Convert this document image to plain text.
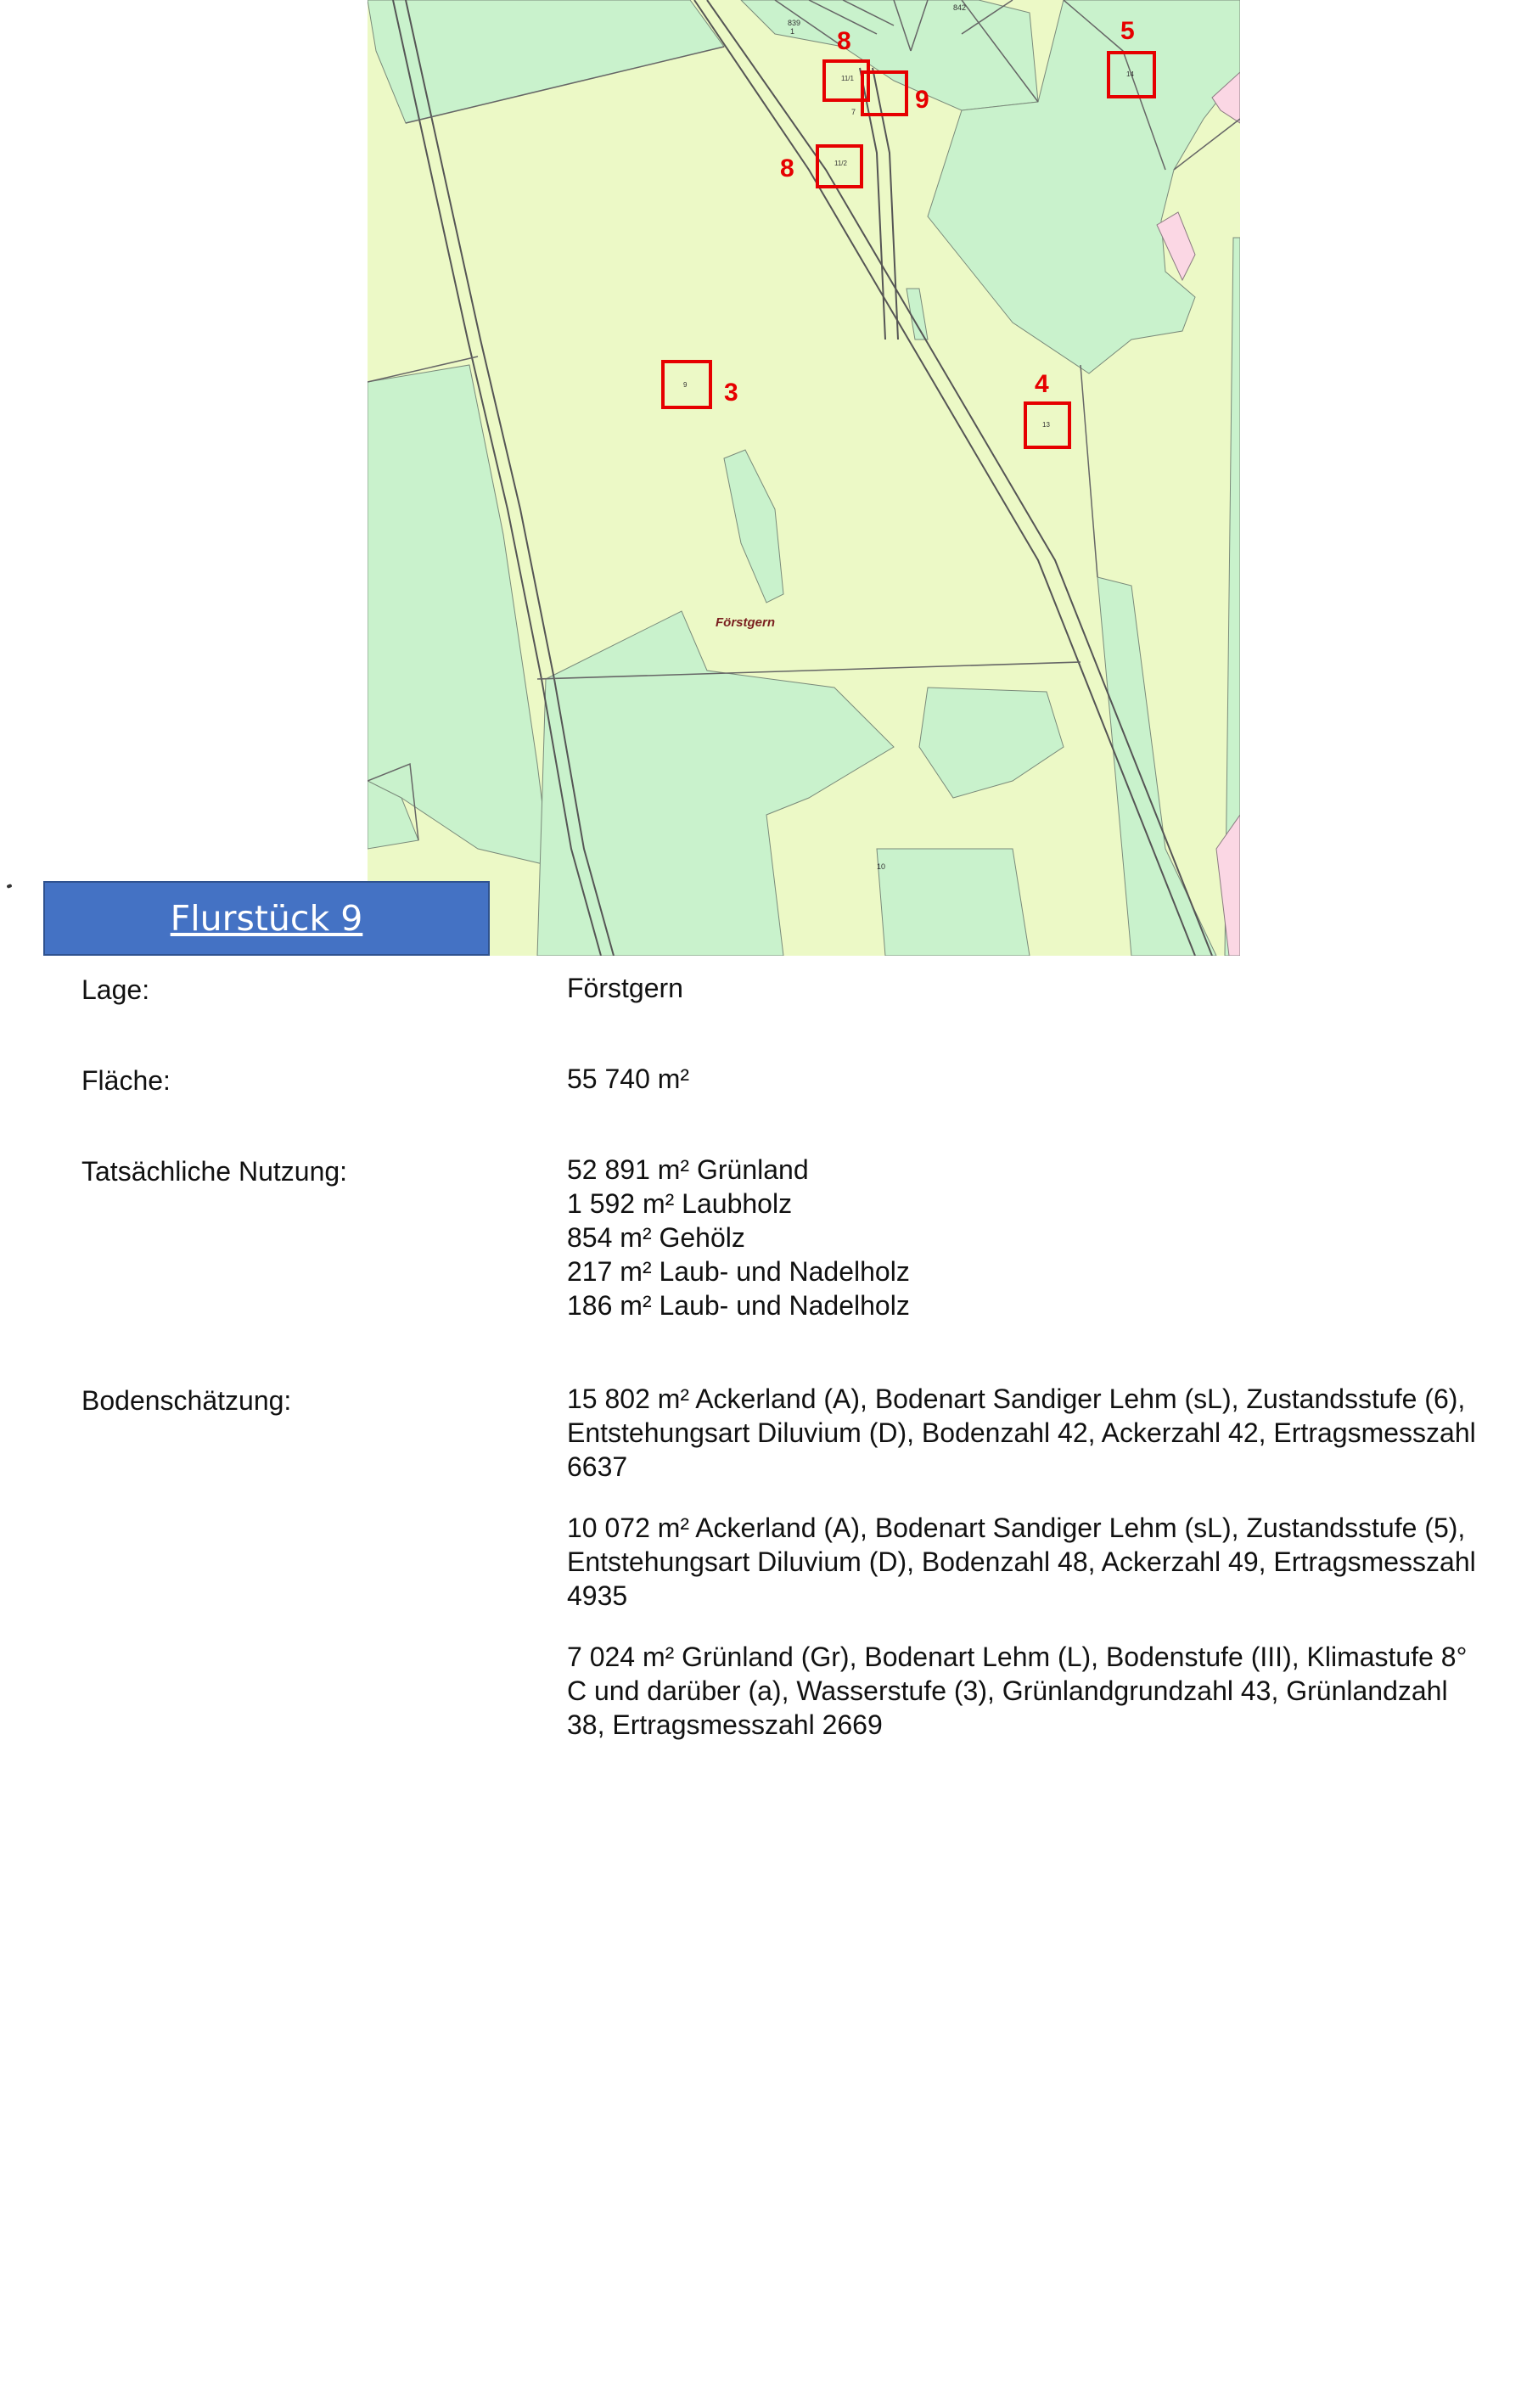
839
1
842
7
10
8
9
8
5
3	4
11/1
11/2
14
9
13
Förstgern
Flurstück 9
Lage:	Förstgern
Fläche:	55 740 m²
Tatsächliche Nutzung:	52 891 m² Grünland
1 592 m² Laubholz
854 m² Gehölz
217 m² Laub- und Nadelholz
186 m² Laub- und Nadelholz
Bodenschätzung:	15 802 m² Ackerland (A), Bodenart Sandiger Lehm (sL), Zustandsstufe (6),
Entstehungsart Diluvium (D), Bodenzahl 42, Ackerzahl 42, Ertragsmesszahl
6637
10 072 m² Ackerland (A), Bodenart Sandiger Lehm (sL), Zustandsstufe (5),
Entstehungsart Diluvium (D), Bodenzahl 48, Ackerzahl 49, Ertragsmesszahl
4935
7 024 m² Grünland (Gr), Bodenart Lehm (L), Bodenstufe (III), Klimastufe 8°
C und darüber (a), Wasserstufe (3), Grünlandgrundzahl 43, Grünlandzahl
38, Ertragsmesszahl 2669
